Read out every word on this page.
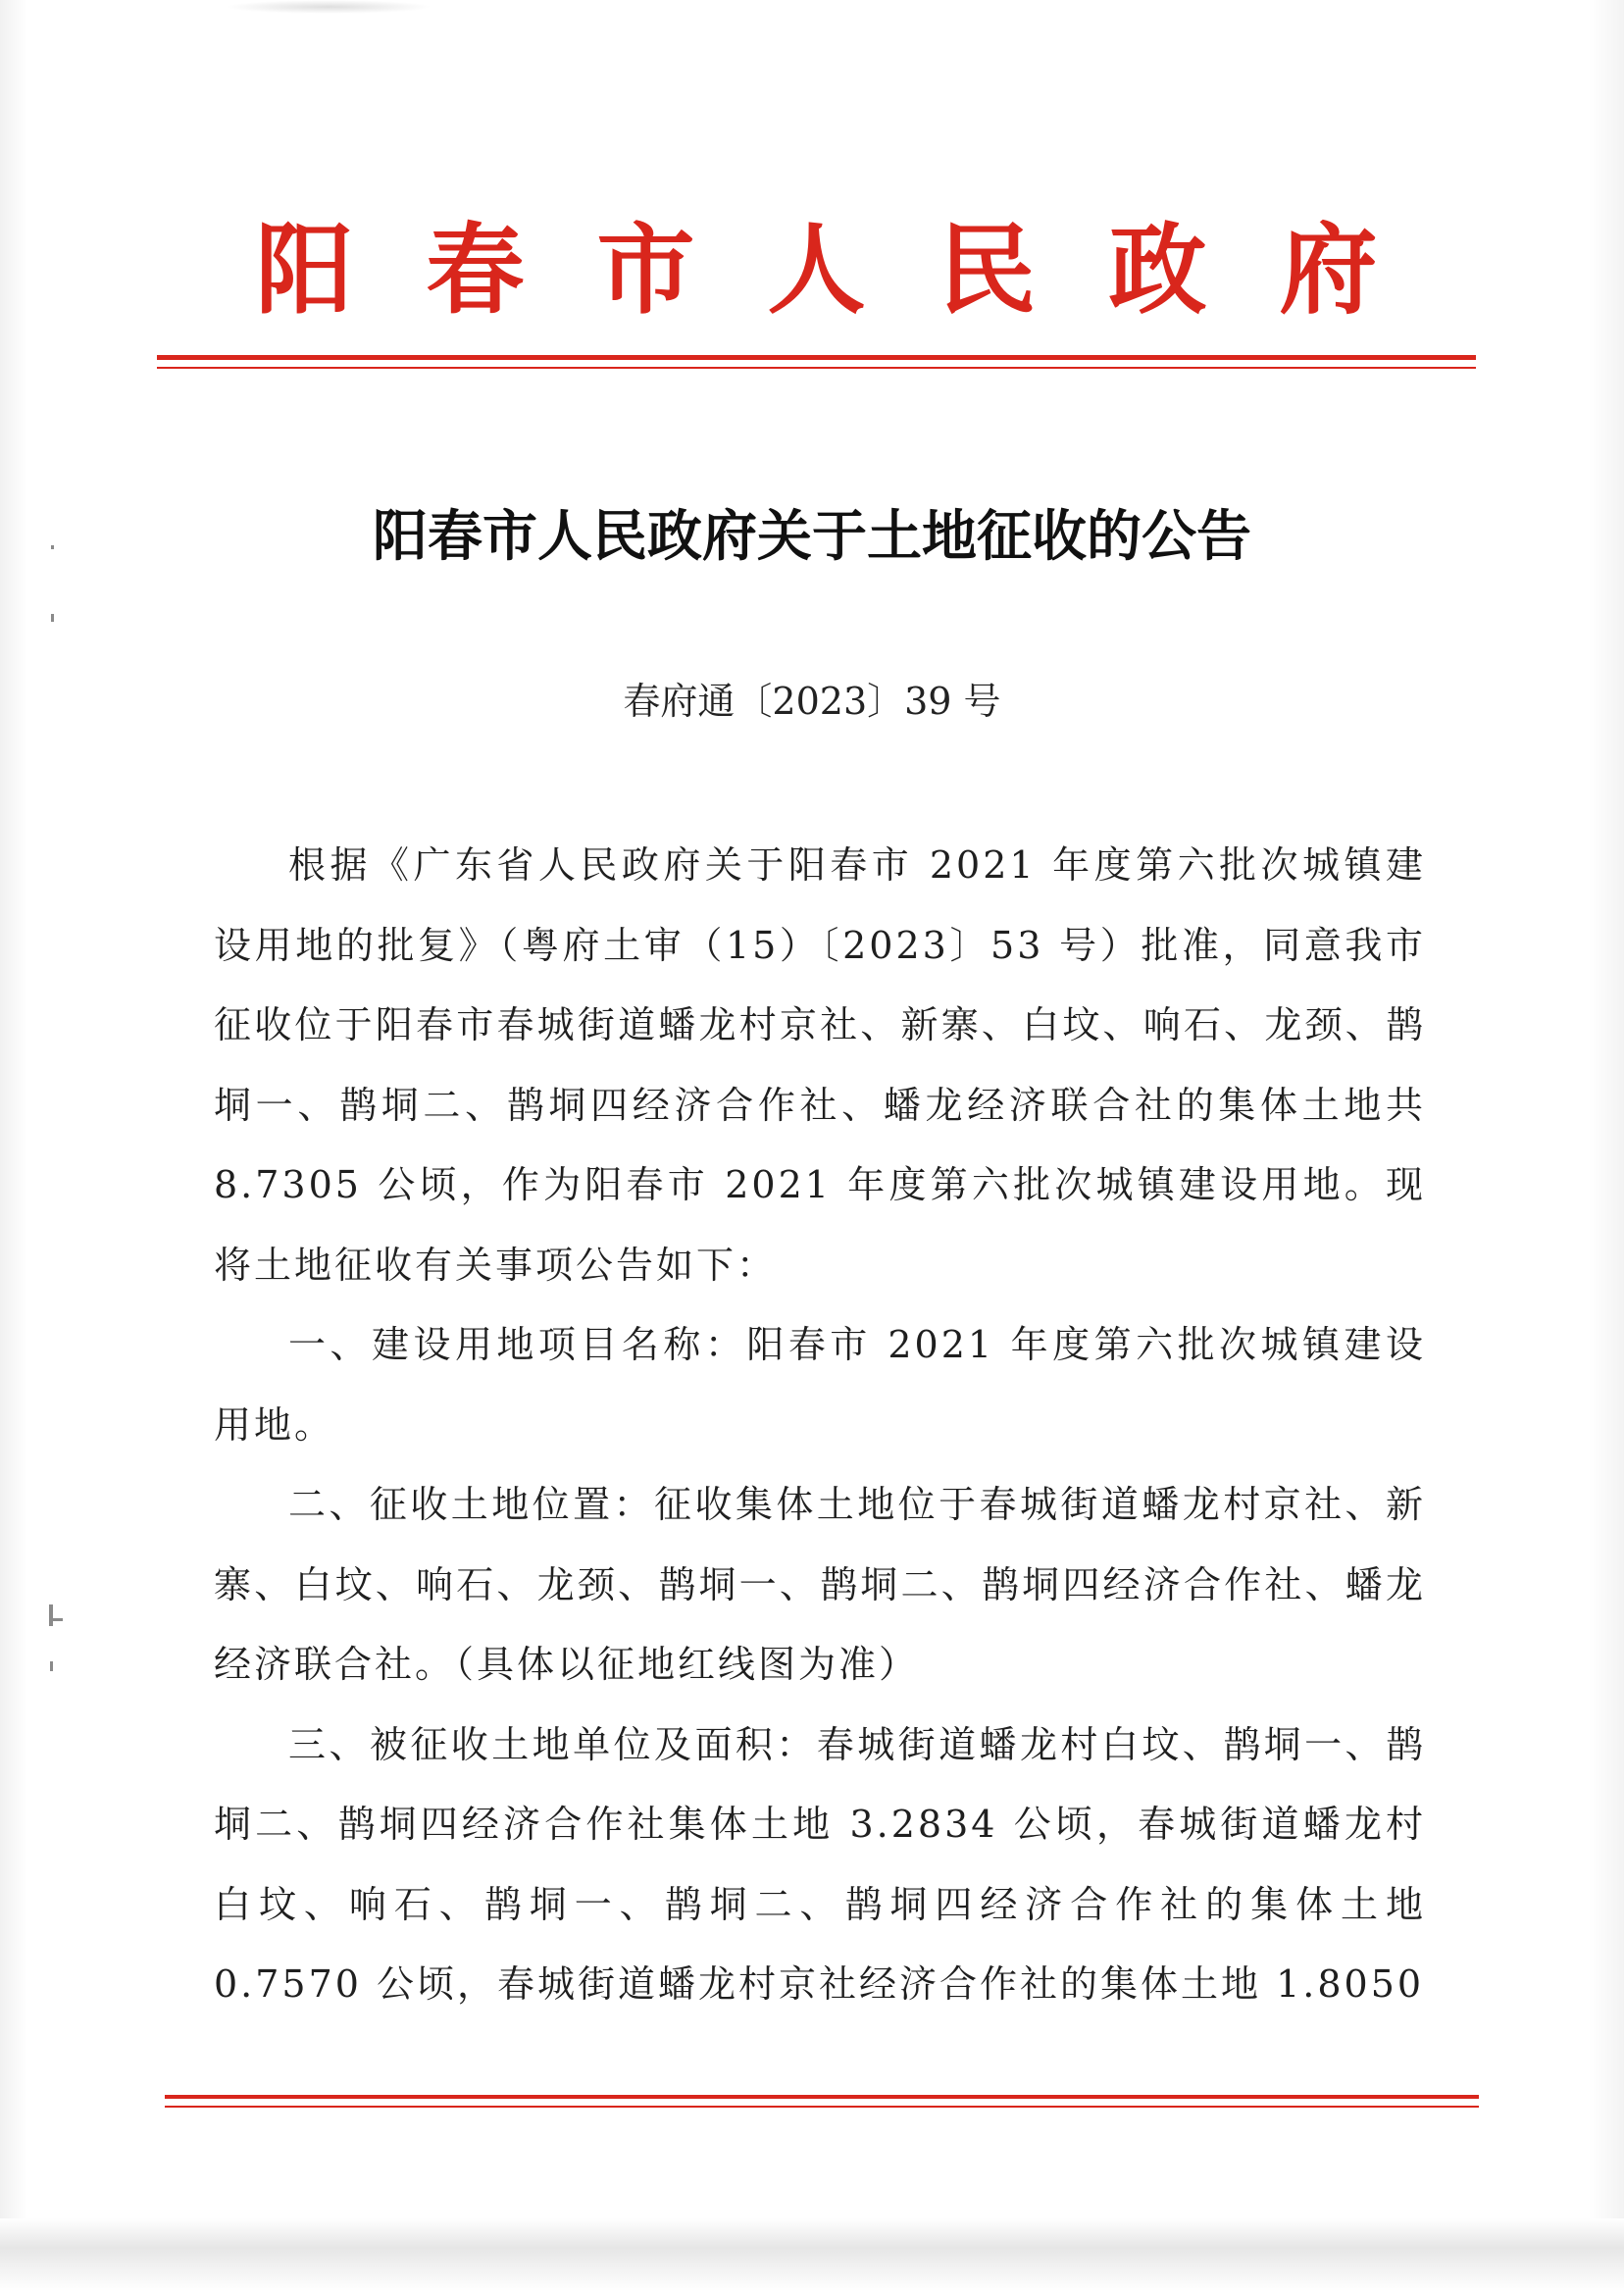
阳春市人民政府
阳春市人民政府关于土地征收的公告
春府通〔2023〕39 号

根据《广东省人民政府关于阳春市 2021 年度第六批次城镇建设用地的批复》（粤府土审（15）〔2023〕53 号）批准，同意我市征收位于阳春市春城街道蟠龙村京社、新寨、白坟、响石、龙颈、鹊垌一、鹊垌二、鹊垌四经济合作社、蟠龙经济联合社的集体土地共 8.7305 公顷，作为阳春市 2021 年度第六批次城镇建设用地。现将土地征收有关事项公告如下：

一、建设用地项目名称：阳春市 2021 年度第六批次城镇建设用地。

二、征收土地位置：征收集体土地位于春城街道蟠龙村京社、新寨、白坟、响石、龙颈、鹊垌一、鹊垌二、鹊垌四经济合作社、蟠龙经济联合社。（具体以征地红线图为准）

三、被征收土地单位及面积：春城街道蟠龙村白坟、鹊垌一、鹊垌二、鹊垌四经济合作社集体土地 3.2834 公顷，春城街道蟠龙村白坟、响石、鹊垌一、鹊垌二、鹊垌四经济合作社的集体土地 0.7570 公顷，春城街道蟠龙村京社经济合作社的集体土地 1.8050
